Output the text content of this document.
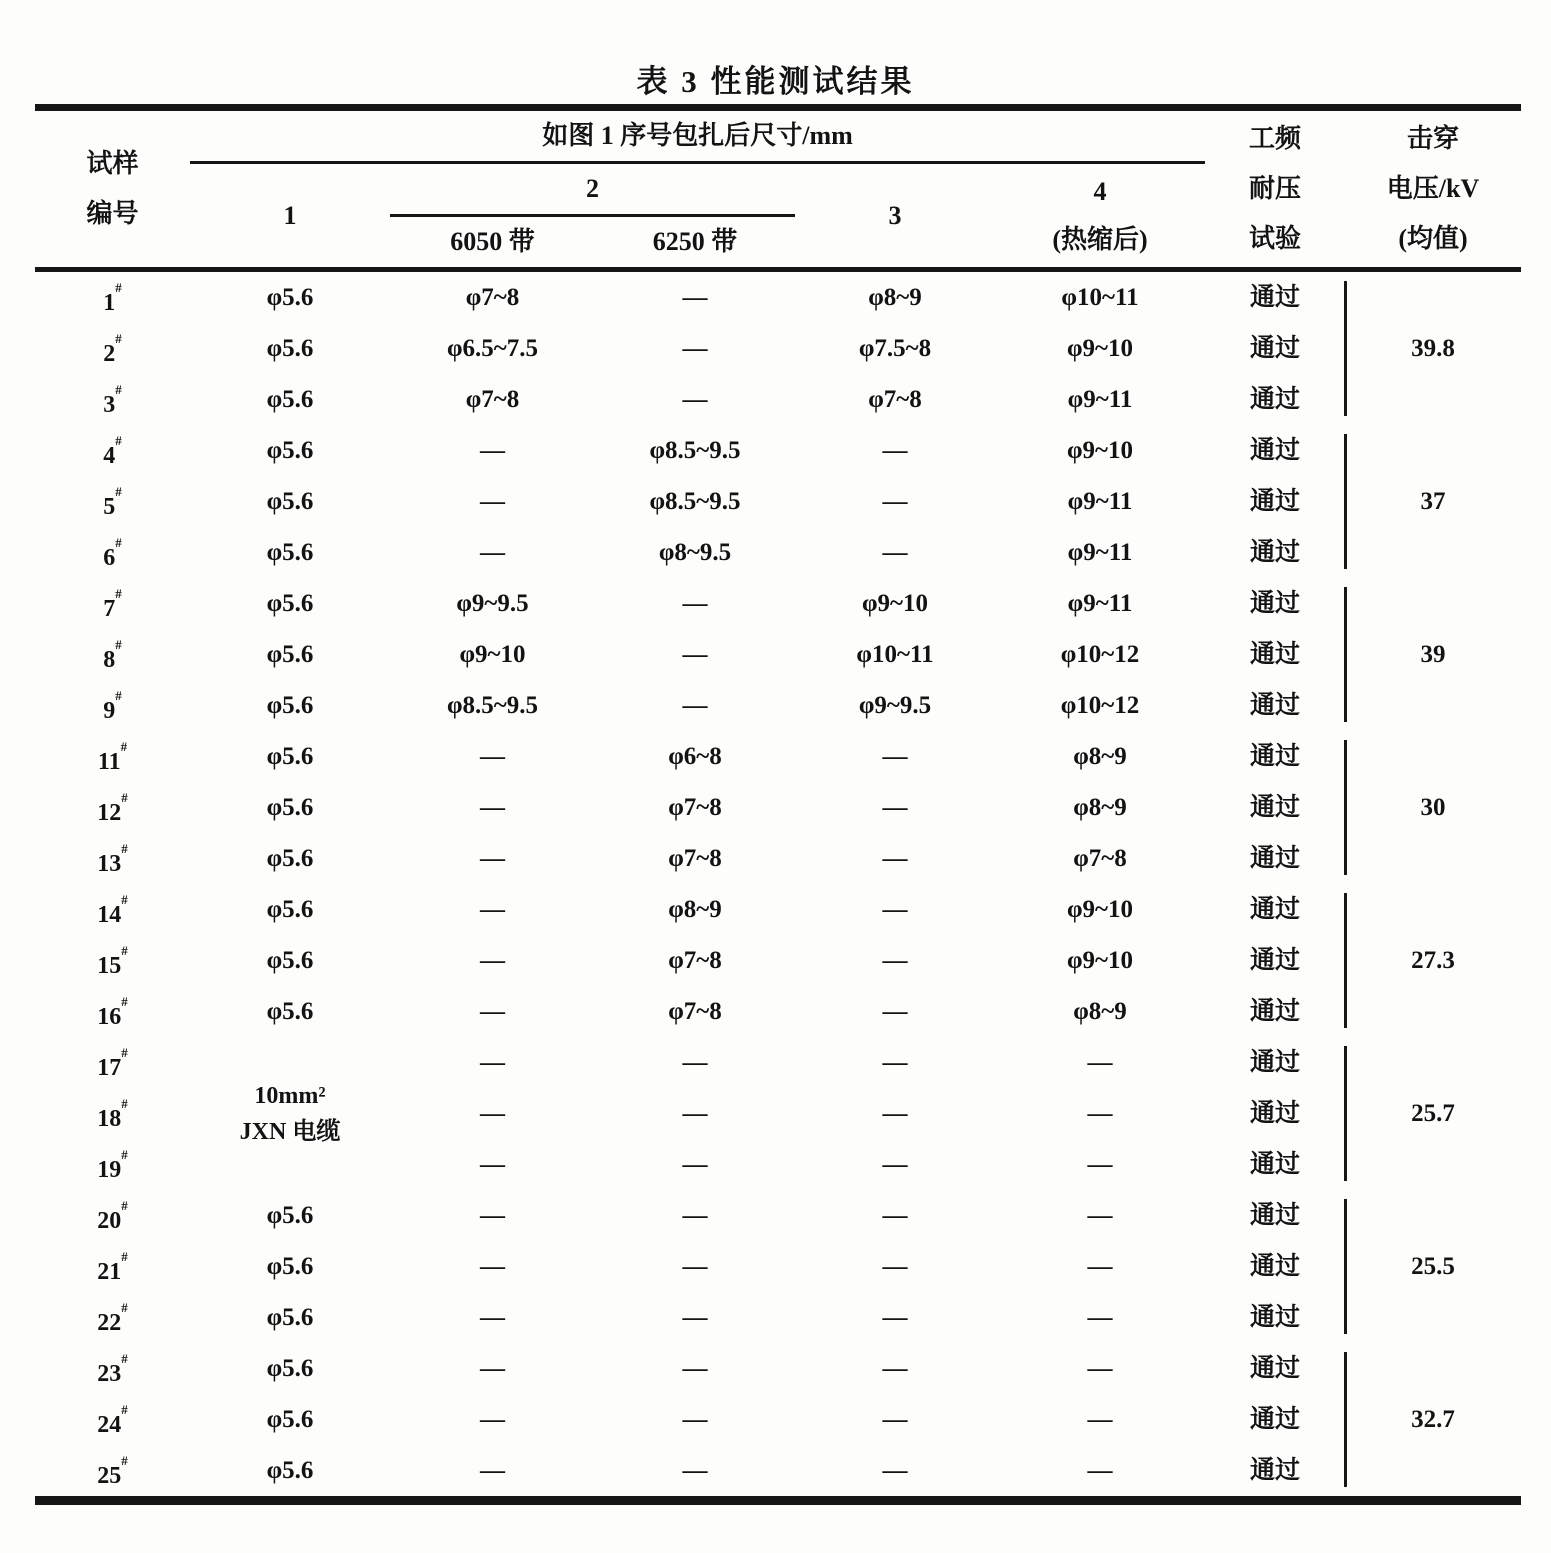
表 3 性能测试结果
试样
编号
	如图 1 序号包扎后尺寸/mm	工频
耐压
试验

击穿
电压/kV
(均值)

	1	2		3	4
(热缩后)		

		6050 带	6250 带				
1#	φ5.6	φ7~8	—	φ8~9	φ10~11	通过	39.8
2#	φ5.6	φ6.5~7.5	—	φ7.5~8	φ9~10	通过	
3#	φ5.6	φ7~8	—	φ7~8	φ9~11	通过	
4#	φ5.6	—	φ8.5~9.5	—	φ9~10	通过	37
5#	φ5.6	—	φ8.5~9.5	—	φ9~11	通过	
6#	φ5.6	—	φ8~9.5	—	φ9~11	通过	
7#	φ5.6	φ9~9.5	—	φ9~10	φ9~11	通过	39
8#	φ5.6	φ9~10	—	φ10~11	φ10~12	通过	
9#	φ5.6	φ8.5~9.5	—	φ9~9.5	φ10~12	通过	
11#	φ5.6	—	φ6~8	—	φ8~9	通过	30
12#	φ5.6	—	φ7~8	—	φ8~9	通过	
13#	φ5.6	—	φ7~8	—	φ7~8	通过	
14#	φ5.6	—	φ8~9	—	φ9~10	通过	27.3
15#	φ5.6	—	φ7~8	—	φ9~10	通过	
16#	φ5.6	—	φ7~8	—	φ8~9	通过	
17#	10mm²
JXN 电缆	—	—	—	—	通过	25.7
18#		—	—	—	—	通过	
19#		—	—	—	—	通过	
20#	φ5.6	—	—	—	—	通过	25.5
21#	φ5.6	—	—	—	—	通过	
22#	φ5.6	—	—	—	—	通过	
23#	φ5.6	—	—	—	—	通过	32.7
24#	φ5.6	—	—	—	—	通过	
25#	φ5.6	—	—	—	—	通过	
